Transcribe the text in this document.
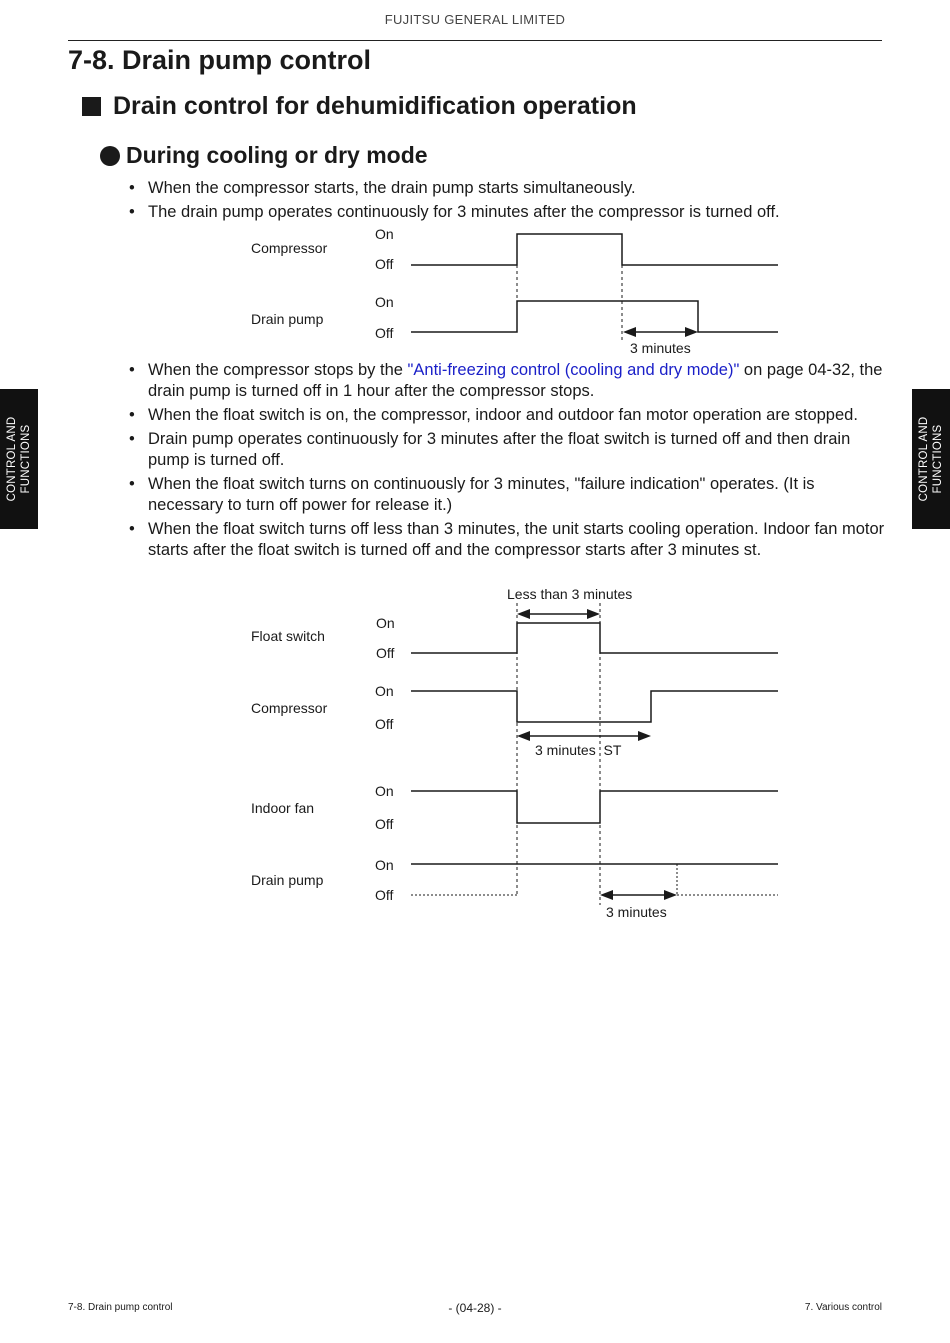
FUJITSU GENERAL LIMITED
7-8. Drain pump control
Drain control for dehumidification operation
During cooling or dry mode
• When the compressor starts, the drain pump starts simultaneously.
• The drain pump operates continuously for 3 minutes after the compressor is turned off.
Compressor
On
Off
Drain pump
On
Off
3 minutes
• When the compressor stops by the "Anti-freezing control (cooling and dry mode)" on page 04-32, the drain pump is turned off in 1 hour after the compressor stops.
• When the float switch is on, the compressor, indoor and outdoor fan motor operation are stopped.
• Drain pump operates continuously for 3 minutes after the float switch is turned off and then drain pump is turned off.
• When the float switch turns on continuously for 3 minutes, "failure indication" operates. (It is necessary to turn off power for release it.)
• When the float switch turns off less than 3 minutes, the unit starts cooling operation. Indoor fan motor starts after the float switch is turned off and the compressor starts after 3 minutes st.
Less than 3 minutes
Float switch
On
Off
Compressor
On
Off
3 minutes  ST
Indoor fan
On
Off
Drain pump
On
Off
3 minutes
CONTROL AND FUNCTIONS	CONTROL AND FUNCTIONS
7-8. Drain pump control	- (04-28) -	7. Various control
